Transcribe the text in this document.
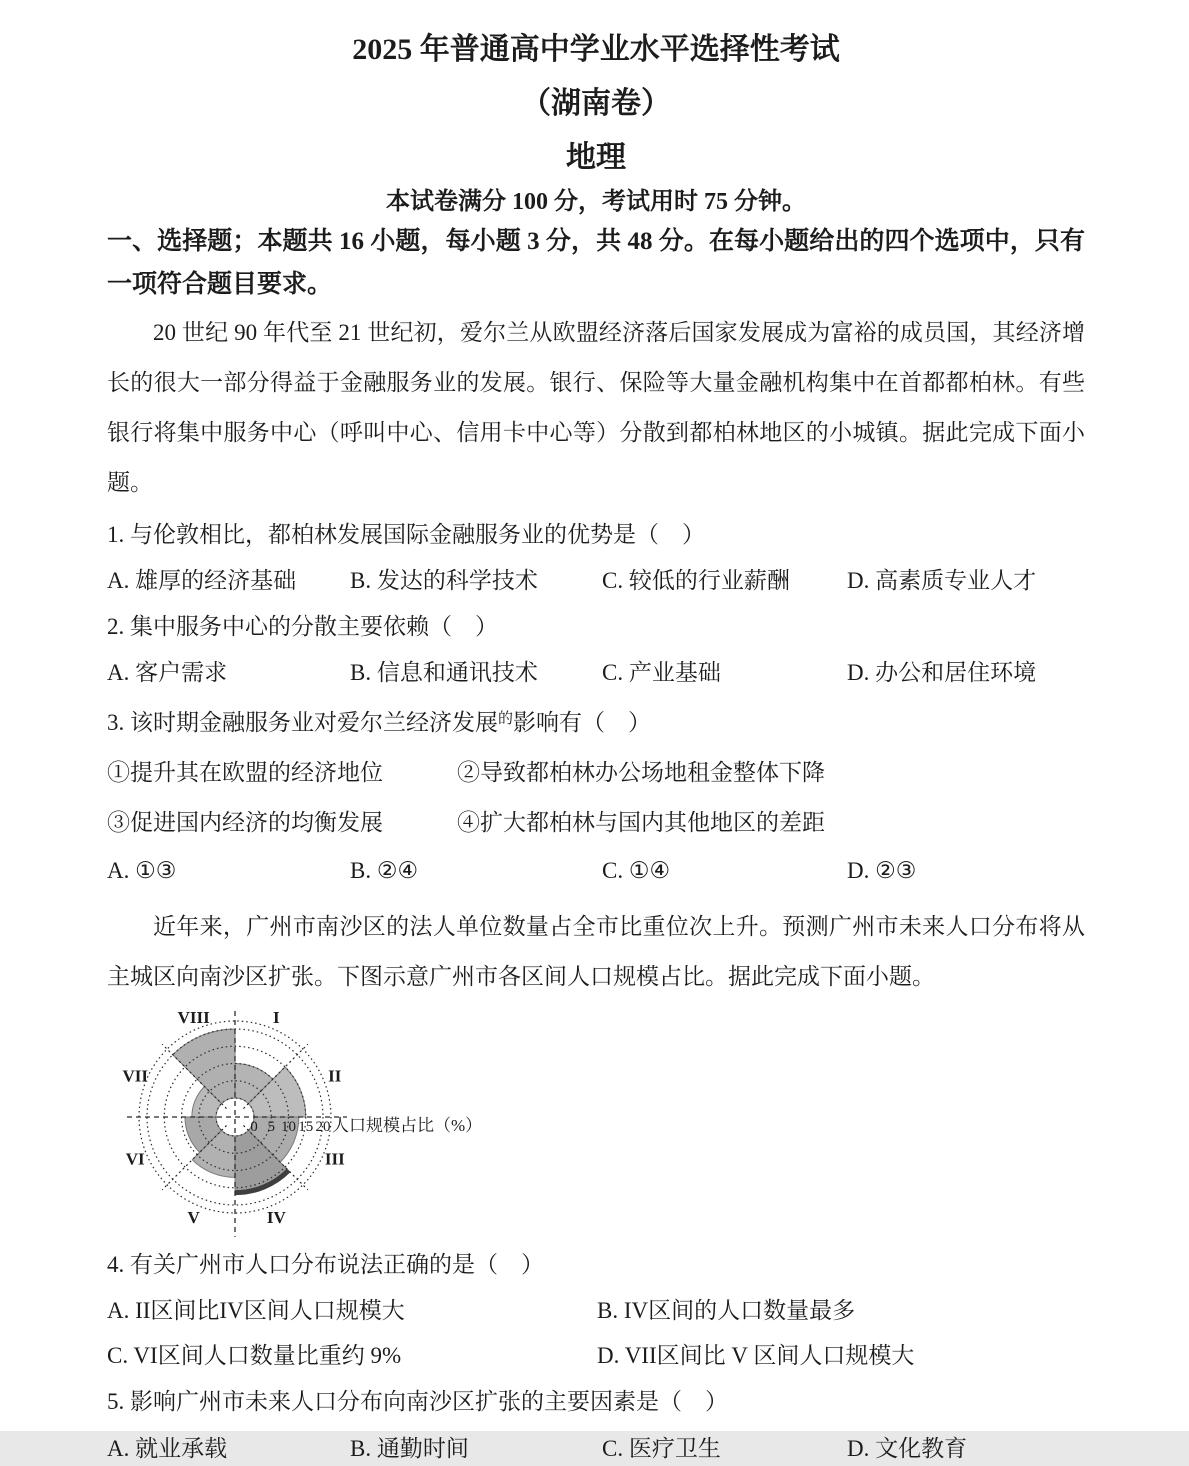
2025 年普通高中学业水平选择性考试
（湖南卷）
地理
本试卷满分 100 分，考试用时 75 分钟。
一、选择题；本题共 16 小题，每小题 3 分，共 48 分。在每小题给出的四个选项中，只有一项符合题目要求。

20 世纪 90 年代至 21 世纪初，爱尔兰从欧盟经济落后国家发展成为富裕的成员国，其经济增长的很大一部分得益于金融服务业的发展。银行、保险等大量金融机构集中在首都都柏林。有些银行将集中服务中心（呼叫中心、信用卡中心等）分散到都柏林地区的小城镇。据此完成下面小题。

1. 与伦敦相比，都柏林发展国际金融服务业的优势是（　）
A. 雄厚的经济基础 B. 发达的科学技术	C. 较低的行业薪酬 D. 高素质专业人才
2. 集中服务中心的分散主要依赖（　）
A. 客户需求	B. 信息和通讯技术	C. 产业基础	D. 办公和居住环境
3. 该时期金融服务业对爱尔兰经济发展$^的$影响有（　）
①提升其在欧盟的经济地位	②导致都柏林办公场地租金整体下降
③促进国内经济的均衡发展	④扩大都柏林与国内其他地区的差距
A. ①③	B. ②④	C. ①④	D. ②③

近年来，广州市南沙区的法人单位数量占全市比重位次上升。预测广州市未来人口分布将从主城区向南沙区扩张。下图示意广州市各区间人口规模占比。据此完成下面小题。

0 5 10 15 20 人口规模占比（%）
I
II
III
IV
V
VI
VII
VIII
4. 有关广州市人口分布说法正确的是（　）
A. II区间比IV区间人口规模大	B. IV区间的人口数量最多
C. VI区间人口数量比重约 9%	D. VII区间比 V 区间人口规模大
5. 影响广州市未来人口分布向南沙区扩张的主要因素是（　）
A. 就业承载	B. 通勤时间	C. 医疗卫生	D. 文化教育
